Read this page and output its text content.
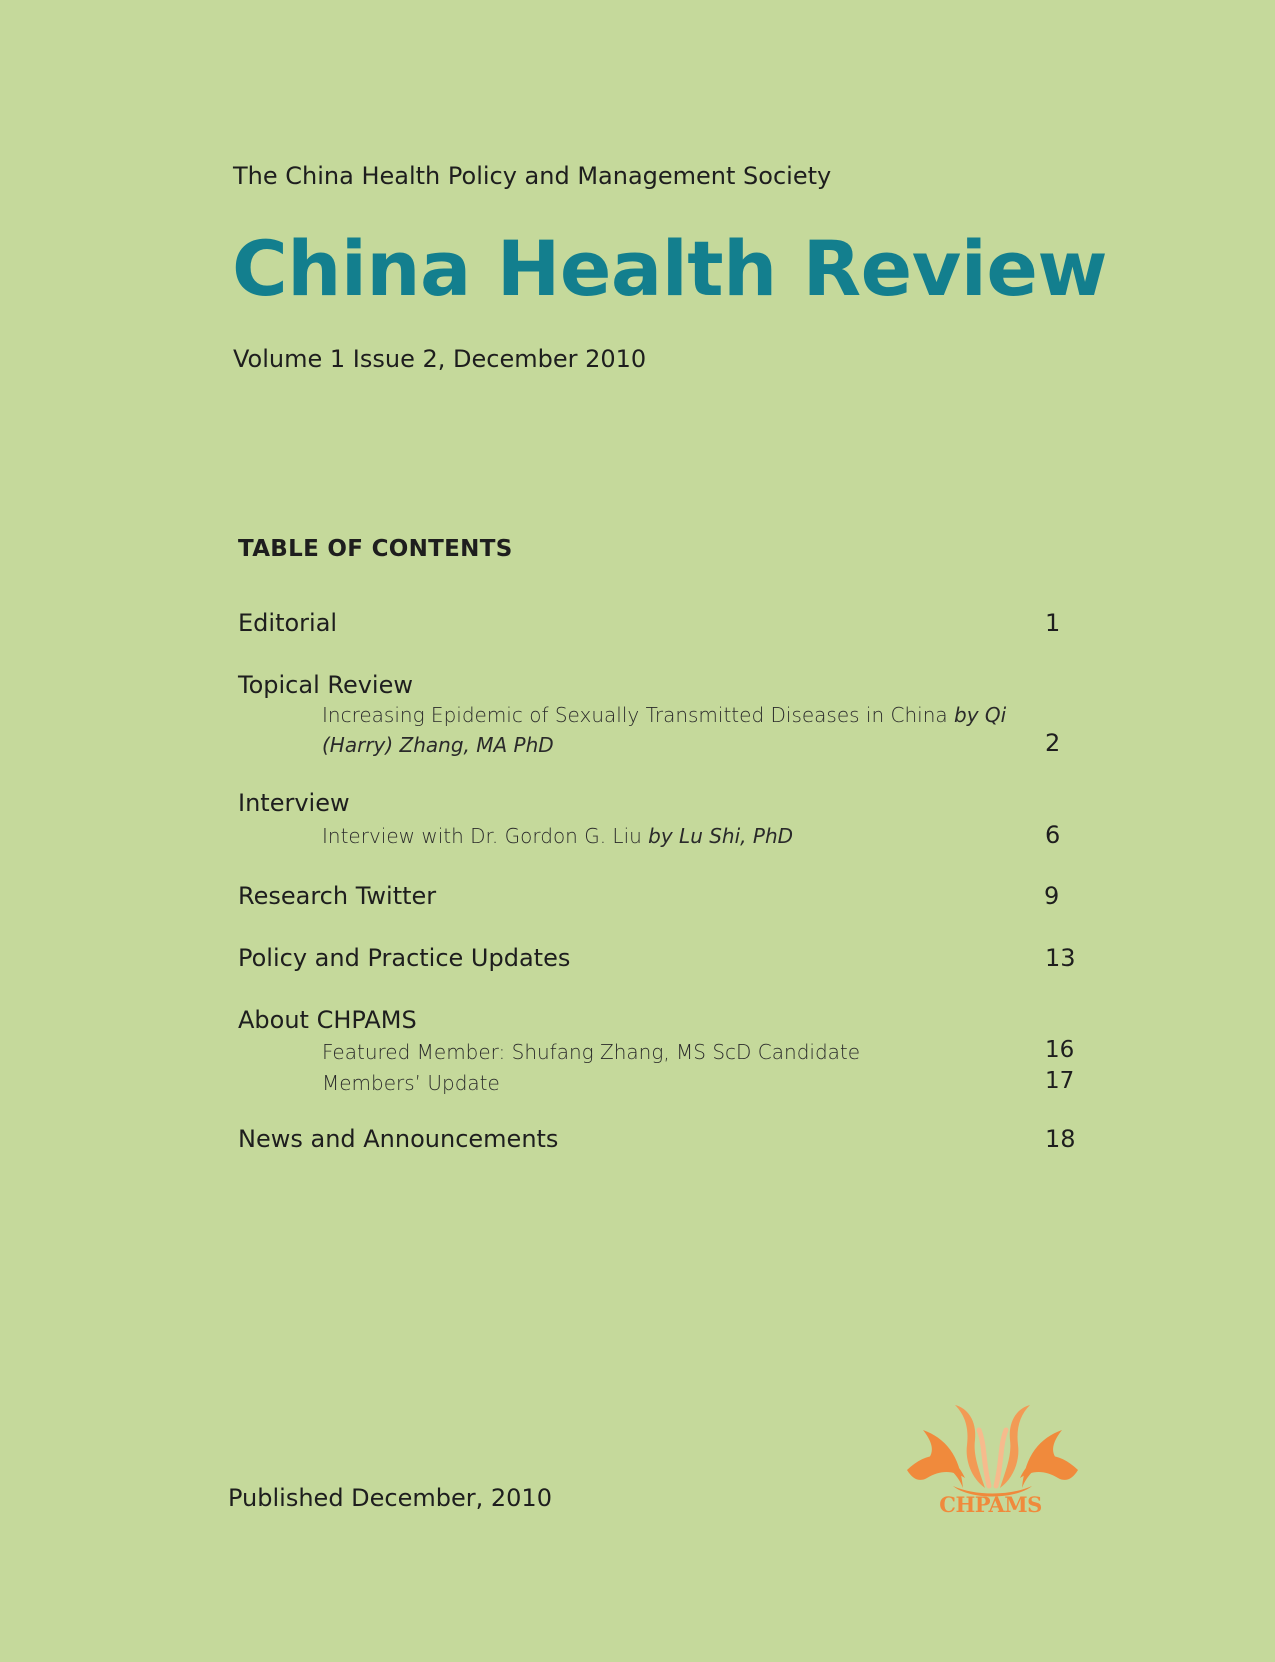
The China Health Policy and Management Society
China Health Review
Volume 1 Issue 2, December 2010
TABLE OF CONTENTS
Editorial	1
Topical Review
Increasing Epidemic of Sexually Transmitted Diseases in China by Qi
(Harry) Zhang, MA PhD	2
Interview
Interview with Dr. Gordon G. Liu by Lu Shi, PhD	6
Research Twitter	9
Policy and Practice Updates	13
About CHPAMS
Featured Member: Shufang Zhang, MS ScD Candidate	16
Members’ Update	17
News and Announcements	18
Published December, 2010	CHPAMS
